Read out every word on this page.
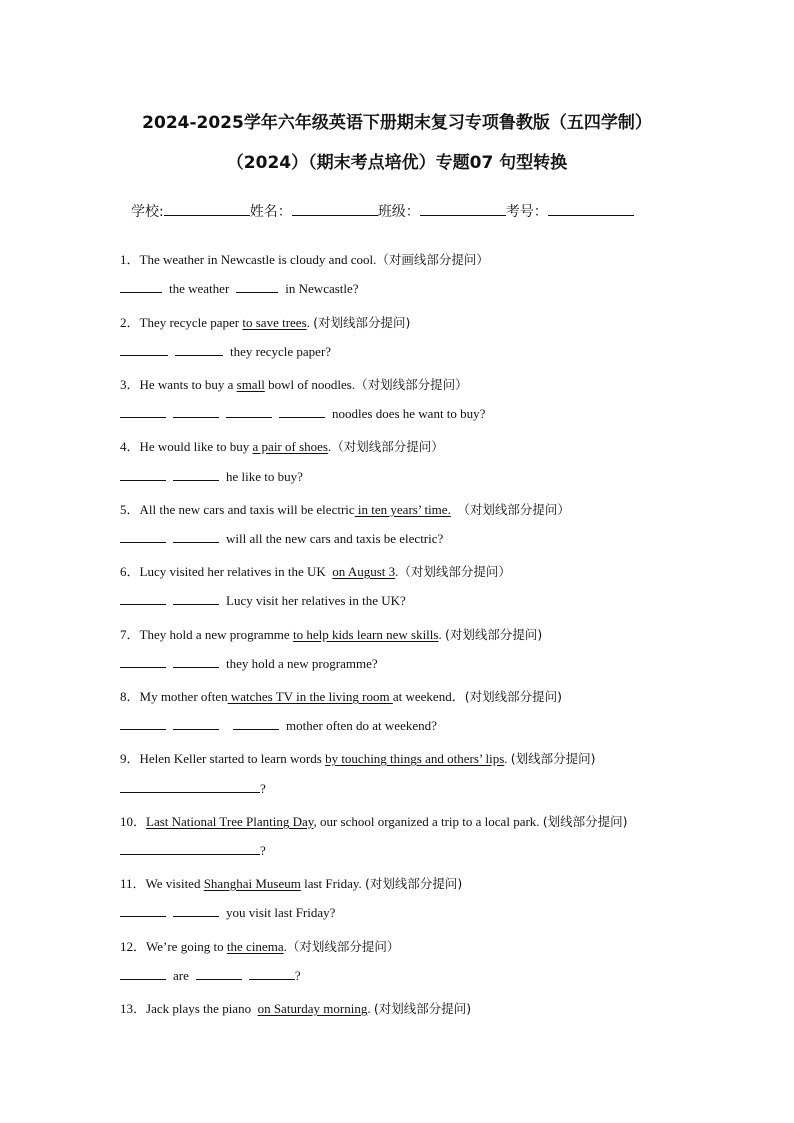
2024-2025学年六年级英语下册期末复习专项鲁教版（五四学制）
（2024）（期末考点培优）专题07 句型转换
学校:	姓名：	班级：	考号：
1．The weather in Newcastle is cloudy and cool.（对画线部分提问）
the weather	in Newcastle?
2．They recycle paper to save trees. (对划线部分提问)
they recycle paper?
3．He wants to buy a small bowl of noodles.（对划线部分提问）
noodles does he want to buy?
4．He would like to buy a pair of shoes.（对划线部分提问）
he like to buy?
5．All the new cars and taxis will be electric in ten years’ time. （对划线部分提问）
will all the new cars and taxis be electric?
6．Lucy visited her relatives in the UK  on August 3.（对划线部分提问）
Lucy visit her relatives in the UK?
7．They hold a new programme to help kids learn new skills. (对划线部分提问)
they hold a new programme?
8．My mother often watches TV in the living room at weekend．(对划线部分提问)
mother often do at weekend?
9．Helen Keller started to learn words by touching things and others’ lips. (划线部分提问)
?
10．Last National Tree Planting Day, our school organized a trip to a local park. (划线部分提问)
?
11．We visited Shanghai Museum last Friday. (对划线部分提问)
you visit last Friday?
12．We’re going to the cinema.（对划线部分提问）
are	?
13．Jack plays the piano  on Saturday morning. (对划线部分提问)
